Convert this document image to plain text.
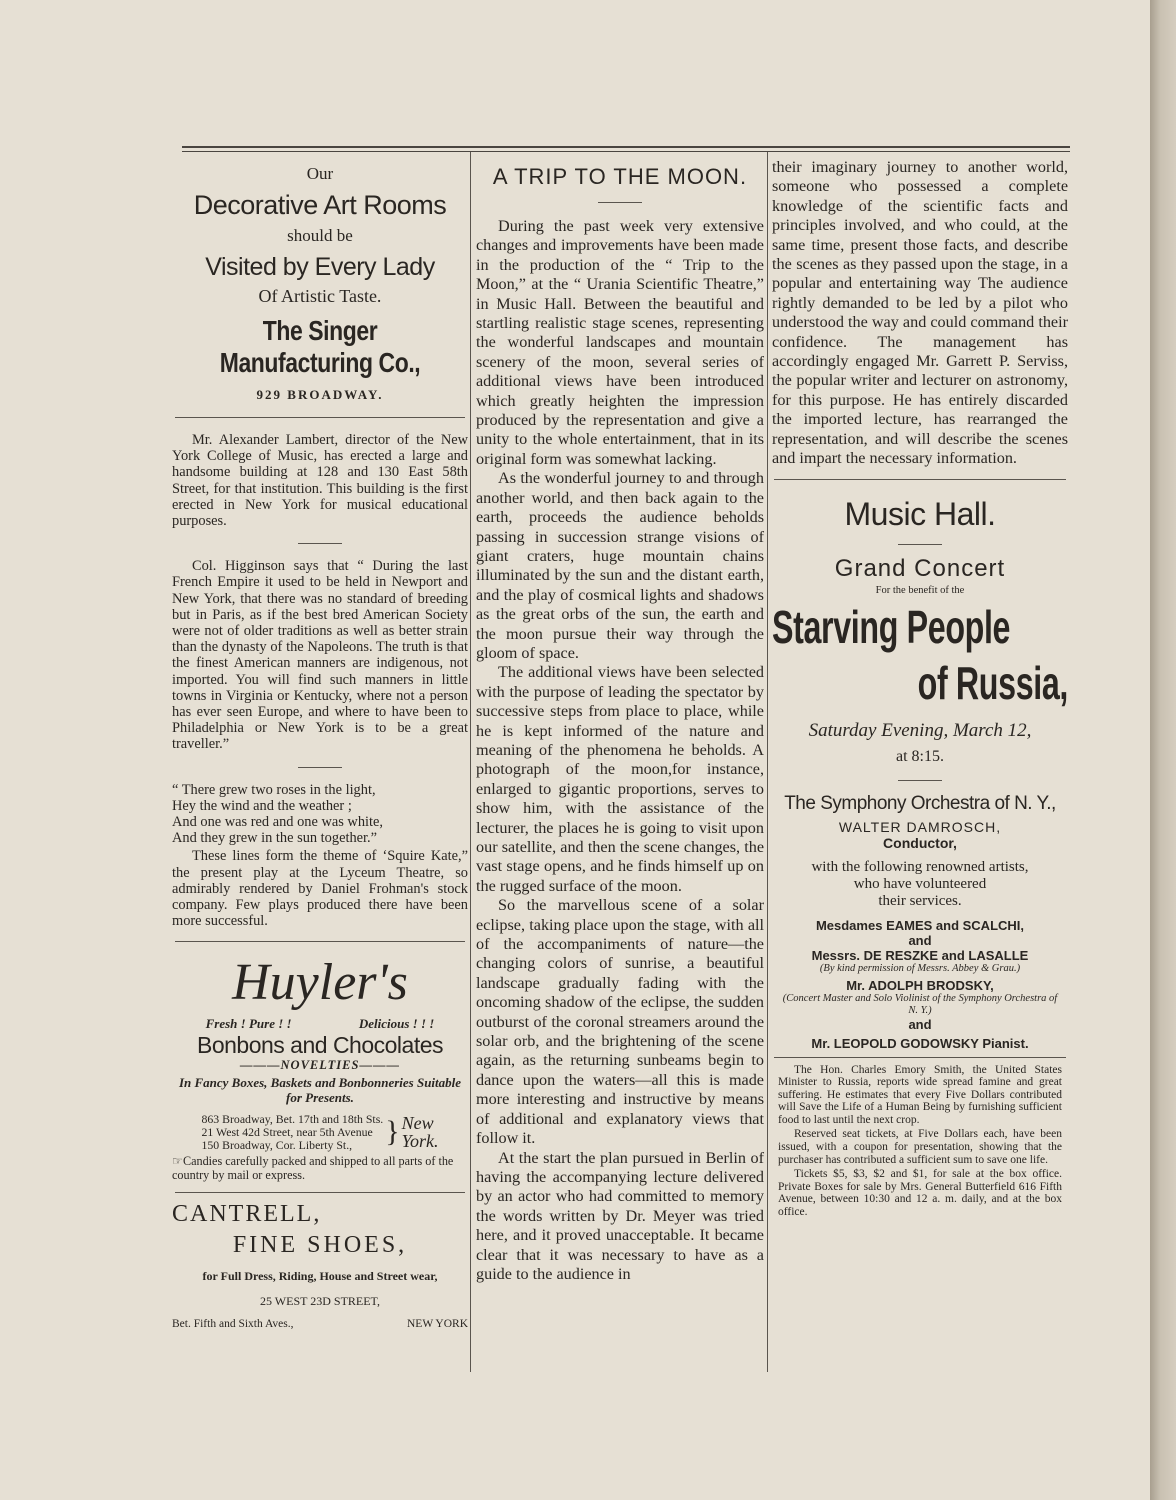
Our
Decorative Art Rooms
should be
Visited by Every Lady
Of Artistic Taste.
The Singer Manufacturing Co.,
929 BROADWAY.

Mr. Alexander Lambert, director of the New York College of Music, has erected a large and handsome building at 128 and 130 East 58th Street, for that institution. This building is the first erected in New York for musical educational purposes.

Col. Higginson says that “ During the last French Empire it used to be held in Newport and New York, that there was no standard of breeding but in Paris, as if the best bred American Society were not of older traditions as well as better strain than the dynasty of the Napoleons. The truth is that the finest American manners are indigenous, not imported. You will find such manners in little towns in Virginia or Kentucky, where not a person has ever seen Europe, and where to have been to Philadelphia or New York is to be a great traveller.”

“ There grew two roses in the light,
Hey the wind and the weather ;
And one was red and one was white,
And they grew in the sun together.”

These lines form the theme of ‘Squire Kate,” the present play at the Lyceum Theatre, so admirably rendered by Daniel Frohman's stock company. Few plays produced there have been more successful.

Huyler's
Fresh ! Pure ! !	Delicious ! ! !
Bonbons and Chocolates
———NOVELTIES———
In Fancy Boxes, Baskets and Bonbonneries Suitable for Presents.
863 Broadway, Bet. 17th and 18th Sts.
21 West 42d Street, near 5th Avenue
150 Broadway, Cor. Liberty St.,	} New
York.
☞Candies carefully packed and shipped to all parts of the country by mail or express.
CANTRELL,
FINE SHOES,
for Full Dress, Riding, House and Street wear,
25 WEST 23D STREET,
Bet. Fifth and Sixth Aves.,	NEW YORK
A TRIP TO THE MOON.

During the past week very extensive changes and improvements have been made in the production of the “ Trip to the Moon,” at the “ Urania Scientific Theatre,” in Music Hall. Between the beautiful and startling realistic stage scenes, representing the wonderful landscapes and mountain scenery of the moon, several series of additional views have been introduced which greatly heighten the impression produced by the representation and give a unity to the whole entertainment, that in its original form was somewhat lacking.

As the wonderful journey to and through another world, and then back again to the earth, proceeds the audience beholds passing in succession strange visions of giant craters, huge mountain chains illuminated by the sun and the distant earth, and the play of cosmical lights and shadows as the great orbs of the sun, the earth and the moon pursue their way through the gloom of space.

The additional views have been selected with the purpose of leading the spectator by successive steps from place to place, while he is kept informed of the nature and meaning of the phenomena he beholds. A photograph of the moon,for instance, enlarged to gigantic proportions, serves to show him, with the assistance of the lecturer, the places he is going to visit upon our satellite, and then the scene changes, the vast stage opens, and he finds himself up on the rugged surface of the moon.

So the marvellous scene of a solar eclipse, taking place upon the stage, with all of the accompaniments of nature—the changing colors of sunrise, a beautiful landscape gradually fading with the oncoming shadow of the eclipse, the sudden outburst of the coronal streamers around the solar orb, and the brightening of the scene again, as the returning sunbeams begin to dance upon the waters—all this is made more interesting and instructive by means of additional and explanatory views that follow it.

At the start the plan pursued in Berlin of having the accompanying lecture delivered by an actor who had committed to memory the words written by Dr. Meyer was tried here, and it proved unacceptable. It became clear that it was necessary to have as a guide to the audience in

their imaginary journey to another world, someone who possessed a complete knowledge of the scientific facts and principles involved, and who could, at the same time, present those facts, and describe the scenes as they passed upon the stage, in a popular and entertaining way The audience rightly demanded to be led by a pilot who understood the way and could command their confidence. The management has accordingly engaged Mr. Garrett P. Serviss, the popular writer and lecturer on astronomy, for this purpose. He has entirely discarded the imported lecture, has rearranged the representation, and will describe the scenes and impart the necessary information.

Music Hall.
Grand Concert
For the benefit of the
Starving People
of Russia,
Saturday Evening, March 12,
at 8:15.
The Symphony Orchestra of N. Y.,
WALTER DAMROSCH,
Conductor,
with the following renowned artists,
who have volunteered
their services.
Mesdames EAMES and SCALCHI,
and
Messrs. DE RESZKE and LASALLE
(By kind permission of Messrs. Abbey & Grau.)
Mr. ADOLPH BRODSKY,
(Concert Master and Solo Violinist of the Symphony Orchestra of N. Y.)
and
Mr. LEOPOLD GODOWSKY Pianist.

The Hon. Charles Emory Smith, the United States Minister to Russia, reports wide spread famine and great suffering. He estimates that every Five Dollars contributed will Save the Life of a Human Being by furnishing sufficient food to last until the next crop.

Reserved seat tickets, at Five Dollars each, have been issued, with a coupon for presentation, showing that the purchaser has contributed a sufficient sum to save one life.

Tickets $5, $3, $2 and $1, for sale at the box office. Private Boxes for sale by Mrs. General Butterfield 616 Fifth Avenue, between 10:30 and 12 a. m. daily, and at the box office.
